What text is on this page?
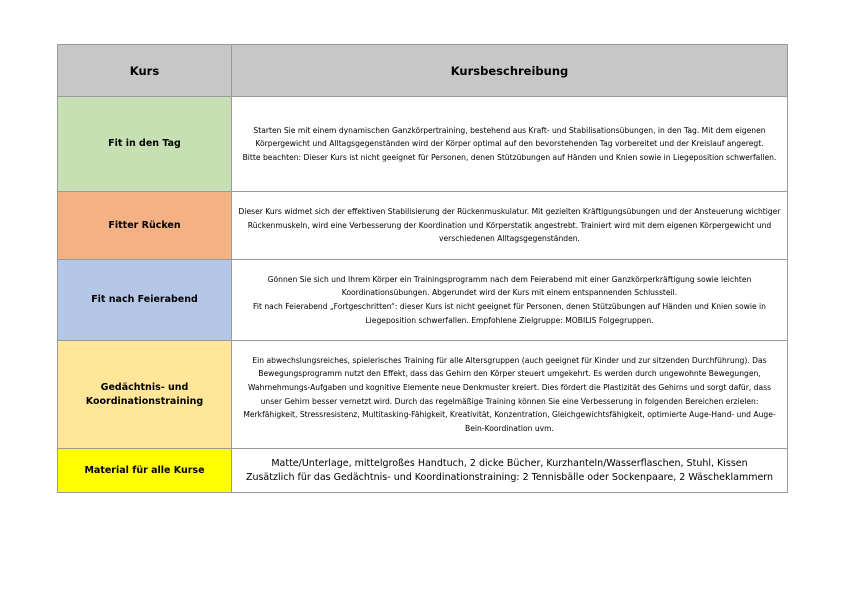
Kurs	Kursbeschreibung

Fit in den Tag	Starten Sie mit einem dynamischen Ganzkörpertraining, bestehend aus Kraft- und Stabilisationsübungen, in den Tag. Mit dem eigenen Körpergewicht und Alltagsgegenständen wird der Körper optimal auf den bevorstehenden Tag vorbereitet und der Kreislauf angeregt.
Bitte beachten: Dieser Kurs ist nicht geeignet für Personen, denen Stützübungen auf Händen und Knien sowie in Liegeposition schwerfallen.

Fitter Rücken	Dieser Kurs widmet sich der effektiven Stabilisierung der Rückenmuskulatur. Mit gezielten Kräftigungsübungen und der Ansteuerung wichtiger Rückenmuskeln, wird eine Verbesserung der Koordination und Körperstatik angestrebt. Trainiert wird mit dem eigenen Körpergewicht und verschiedenen Alltagsgegenständen.

Fit nach Feierabend	Gönnen Sie sich und Ihrem Körper ein Trainingsprogramm nach dem Feierabend mit einer Ganzkörperkräftigung sowie leichten Koordinationsübungen. Abgerundet wird der Kurs mit einem entspannenden Schlussteil.
Fit nach Feierabend „Fortgeschritten“: dieser Kurs ist nicht geeignet für Personen, denen Stützübungen auf Händen und Knien sowie in Liegeposition schwerfallen. Empfohlene Zielgruppe: MOBILIS Folgegruppen.

Gedächtnis- und
Koordinationstraining	Ein abwechslungsreiches, spielerisches Training für alle Altersgruppen (auch geeignet für Kinder und zur sitzenden Durchführung). Das Bewegungsprogramm nutzt den Effekt, dass das Gehirn den Körper steuert umgekehrt. Es werden durch ungewohnte Bewegungen, Wahrnehmungs-Aufgaben und kognitive Elemente neue Denkmuster kreiert. Dies fördert die Plastizität des Gehirns und sorgt dafür, dass unser Gehirn besser vernetzt wird. Durch das regelmäßige Training können Sie eine Verbesserung in folgenden Bereichen erzielen: Merkfähigkeit, Stressresistenz, Multitasking-Fähigkeit, Kreativität, Konzentration, Gleichgewichtsfähigkeit, optimierte Auge-Hand- und Auge-Bein-Koordination uvm.

Material für alle Kurse	Matte/Unterlage, mittelgroßes Handtuch, 2 dicke Bücher, Kurzhanteln/Wasserflaschen, Stuhl, Kissen
Zusätzlich für das Gedächtnis- und Koordinationstraining: 2 Tennisbälle oder Sockenpaare, 2 Wäscheklammern
